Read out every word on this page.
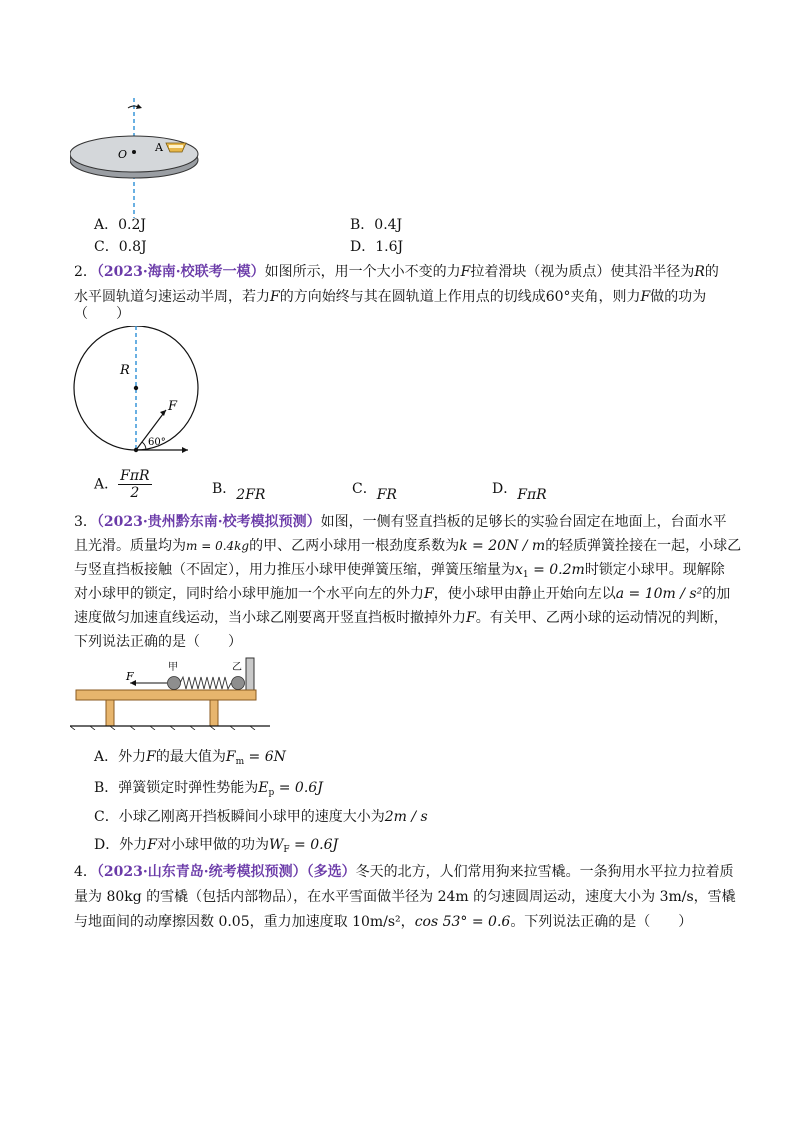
O
A
A．0.2J	B．0.4J
C．0.8J	D．1.6J
2．（2023·海南·校联考一模）如图所示，用一个大小不变的力F拉着滑块（视为质点）使其沿半径为R的
水平圆轨道匀速运动半周，若力F的方向始终与其在圆轨道上作用点的切线成60°夹角，则力F做的功为
（　　）
R
F
60°
A． $\frac{\text{FπR}}{2}$	B．2FR	C．FR	D．FπR
3．（2023·贵州黔东南·校考模拟预测）如图，一侧有竖直挡板的足够长的实验台固定在地面上，台面水平
且光滑。质量均为m = 0.4kg的甲、乙两小球用一根劲度系数为k = 20N / m的轻质弹簧拴接在一起，小球乙
与竖直挡板接触（不固定），用力推压小球甲使弹簧压缩，弹簧压缩量为$x_1 = 0.2m$时锁定小球甲。现解除
对小球甲的锁定，同时给小球甲施加一个水平向左的外力F，使小球甲由静止开始向左以a = 10m / s²的加
速度做匀加速直线运动，当小球乙刚要离开竖直挡板时撤掉外力F。有关甲、乙两小球的运动情况的判断，
下列说法正确的是（　　）
F
甲	乙
A．外力F的最大值为$F_m = 6N$
B．弹簧锁定时弹性势能为$E_p = 0.6J$
C．小球乙刚离开挡板瞬间小球甲的速度大小为2m / s
D．外力F对小球甲做的功为$W_F = 0.6J$
4．（2023·山东青岛·统考模拟预测）（多选）冬天的北方，人们常用狗来拉雪橇。一条狗用水平拉力拉着质
量为 80kg 的雪橇（包括内部物品），在水平雪面做半径为 24m 的匀速圆周运动，速度大小为 3m/s，雪橇
与地面间的动摩擦因数 0.05，重力加速度取 10m/s²，cos 53° = 0.6。下列说法正确的是（　　）
